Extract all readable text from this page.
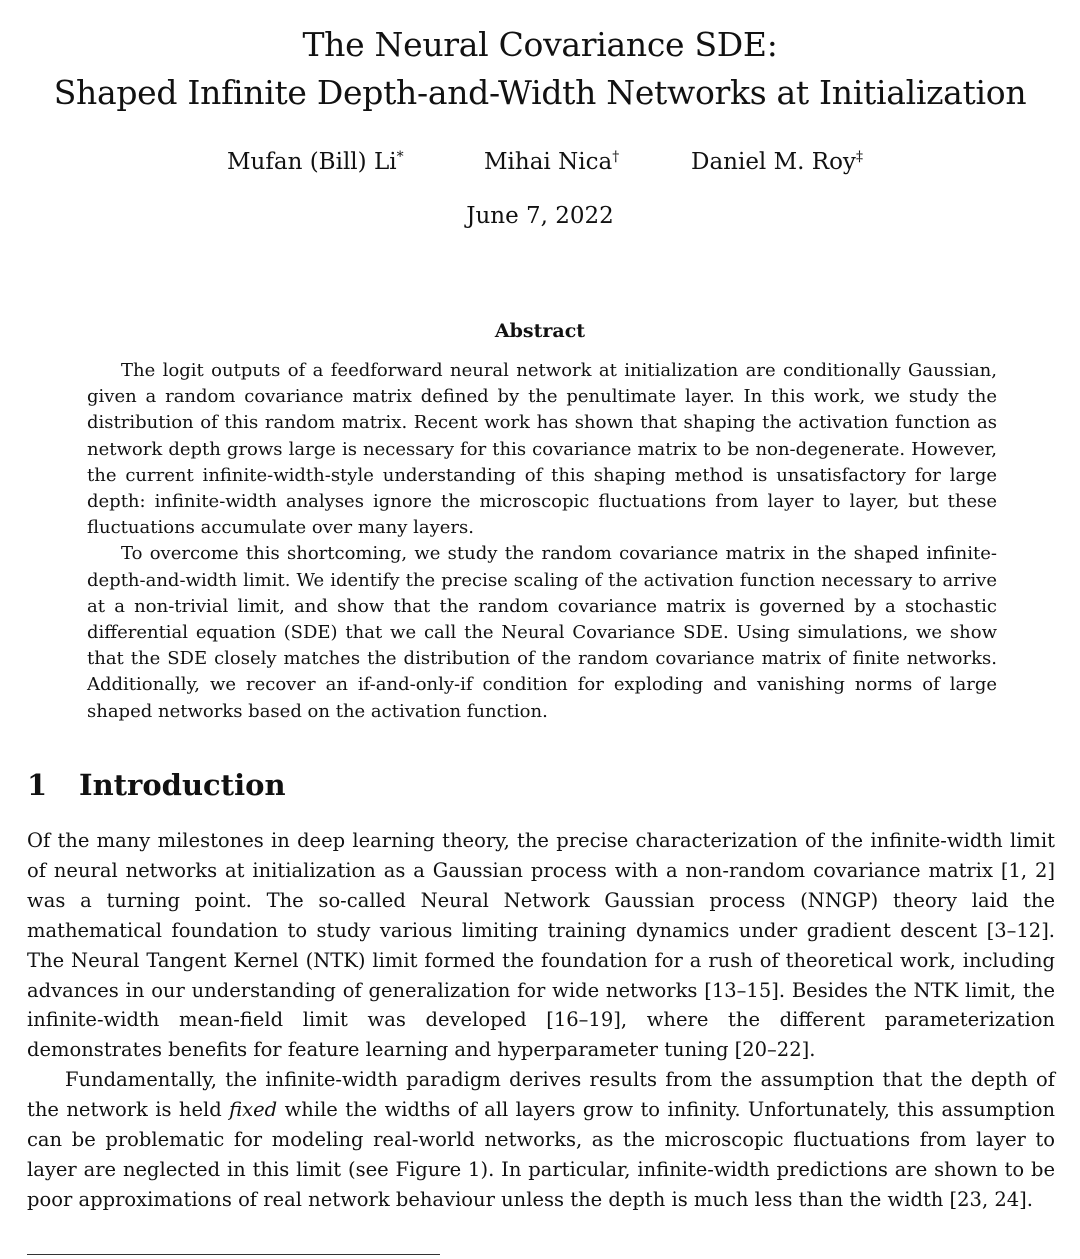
The Neural Covariance SDE:
Shaped Infinite Depth-and-Width Networks at Initialization
Mufan (Bill) Li*	Mihai Nica†	Daniel M. Roy‡
June 7, 2022
Abstract

The logit outputs of a feedforward neural network at initialization are conditionally Gaussian, given a random covariance matrix defined by the penultimate layer. In this work, we study the distribution of this random matrix. Recent work has shown that shaping the activation function as network depth grows large is necessary for this covariance matrix to be non-degenerate. However, the current infinite-width-style understanding of this shaping method is unsatisfactory for large depth: infinite-width analyses ignore the microscopic fluctuations from layer to layer, but these fluctuations accumulate over many layers.

To overcome this shortcoming, we study the random covariance matrix in the shaped infinite-depth-and-width limit. We identify the precise scaling of the activation function necessary to arrive at a non-trivial limit, and show that the random covariance matrix is governed by a stochastic differential equation (SDE) that we call the Neural Covariance SDE. Using simulations, we show that the SDE closely matches the distribution of the random covariance matrix of finite networks. Additionally, we recover an if-and-only-if condition for exploding and vanishing norms of large shaped networks based on the activation function.

1 Introduction

Of the many milestones in deep learning theory, the precise characterization of the infinite-width limit of neural networks at initialization as a Gaussian process with a non-random covariance matrix [1, 2] was a turning point. The so-called Neural Network Gaussian process (NNGP) theory laid the mathematical foundation to study various limiting training dynamics under gradient descent [3–12]. The Neural Tangent Kernel (NTK) limit formed the foundation for a rush of theoretical work, including advances in our understanding of generalization for wide networks [13–15]. Besides the NTK limit, the infinite-width mean-field limit was developed [16–19], where the different parameterization demonstrates benefits for feature learning and hyperparameter tuning [20–22].

Fundamentally, the infinite-width paradigm derives results from the assumption that the depth of the network is held fixed while the widths of all layers grow to infinity. Unfortunately, this assumption can be problematic for modeling real-world networks, as the microscopic fluctuations from layer to layer are neglected in this limit (see Figure 1). In particular, infinite-width predictions are shown to be poor approximations of real network behaviour unless the depth is much less than the width [23, 24].
